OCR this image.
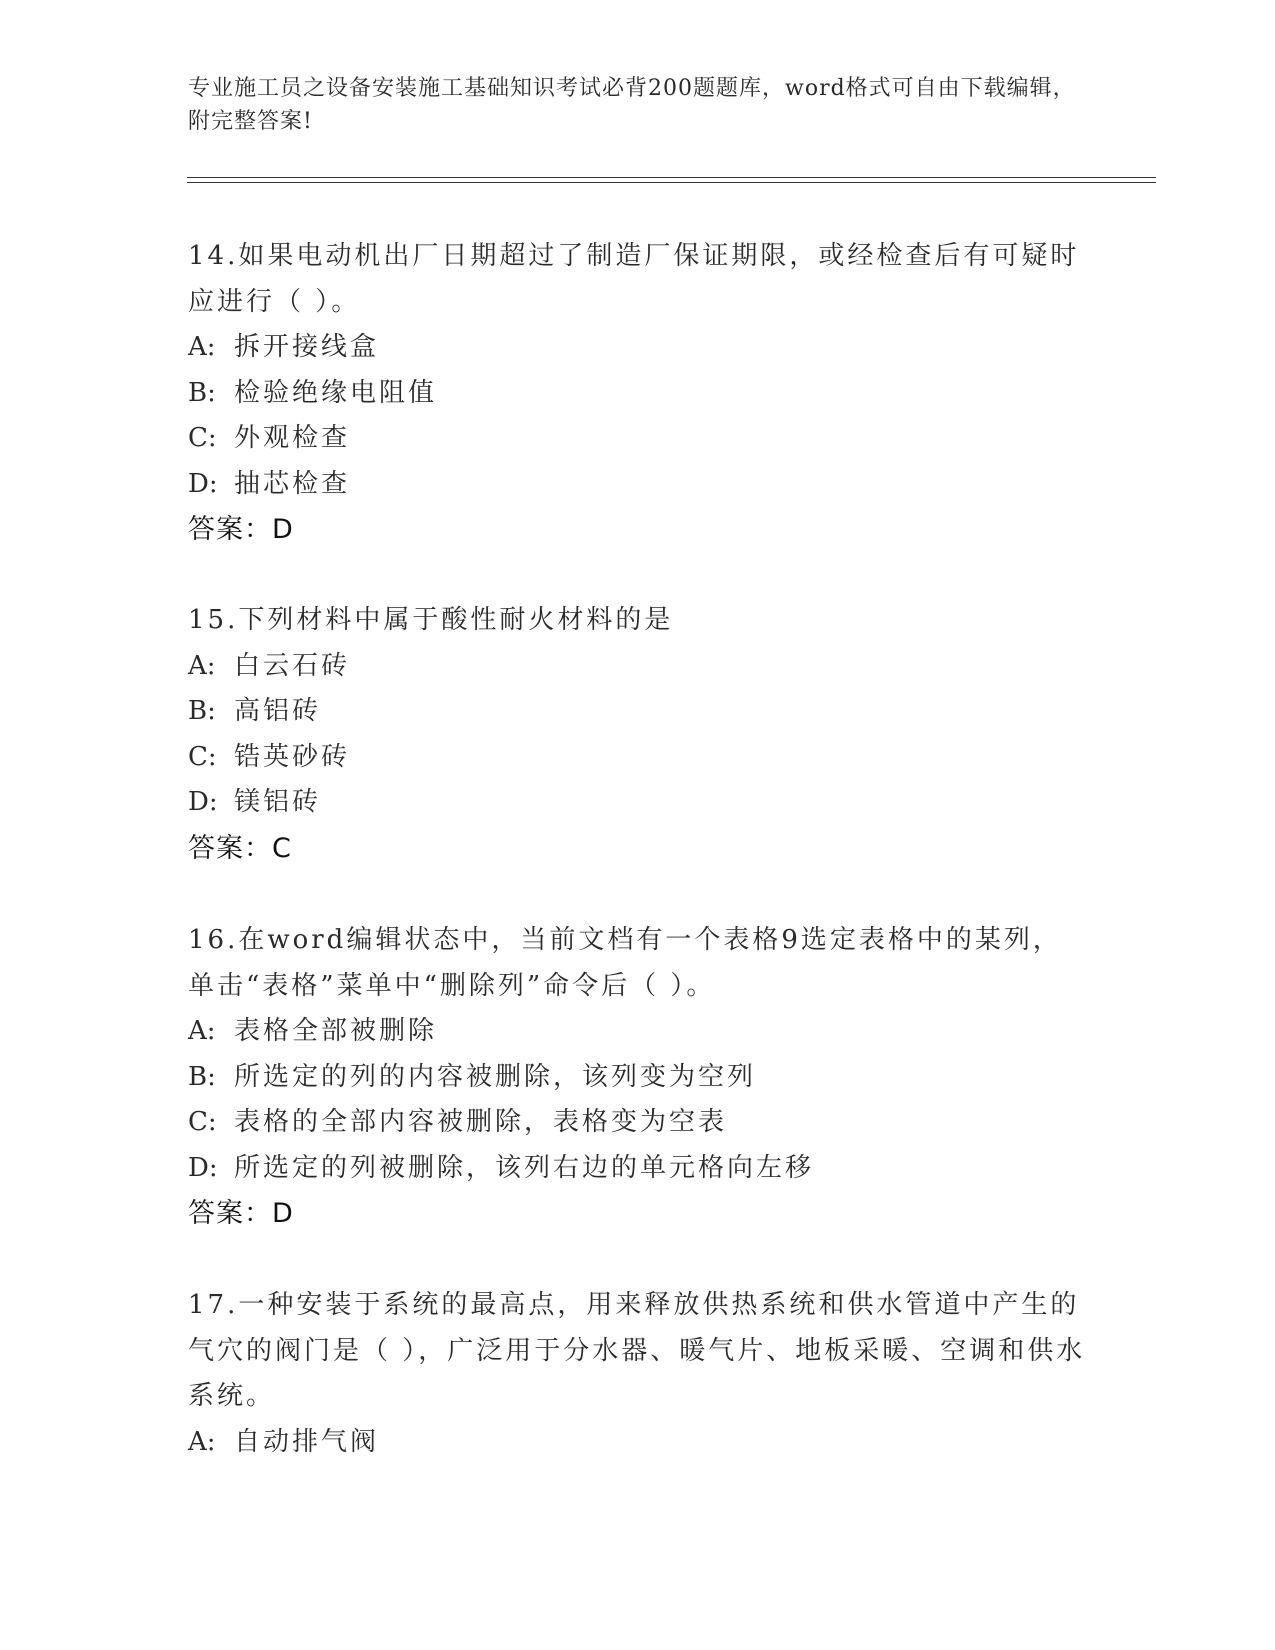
专业施工员之设备安装施工基础知识考试必背200题题库，word格式可自由下载编辑，附完整答案!
14.如果电动机出厂日期超过了制造厂保证期限，或经检查后有可疑时应进行（ ）。
A: 拆开接线盒
B: 检验绝缘电阻值
C: 外观检查
D: 抽芯检查
答案：D
15.下列材料中属于酸性耐火材料的是
A: 白云石砖
B: 高铝砖
C: 锆英砂砖
D: 镁铝砖
答案：C
16.在word编辑状态中，当前文档有一个表格9选定表格中的某列，单击“表格”菜单中“删除列”命令后（ ）。
A: 表格全部被删除
B: 所选定的列的内容被删除，该列变为空列
C: 表格的全部内容被删除，表格变为空表
D: 所选定的列被删除，该列右边的单元格向左移
答案：D
17.一种安装于系统的最高点，用来释放供热系统和供水管道中产生的气穴的阀门是（ ），广泛用于分水器、暖气片、地板采暖、空调和供水系统。
A: 自动排气阀
